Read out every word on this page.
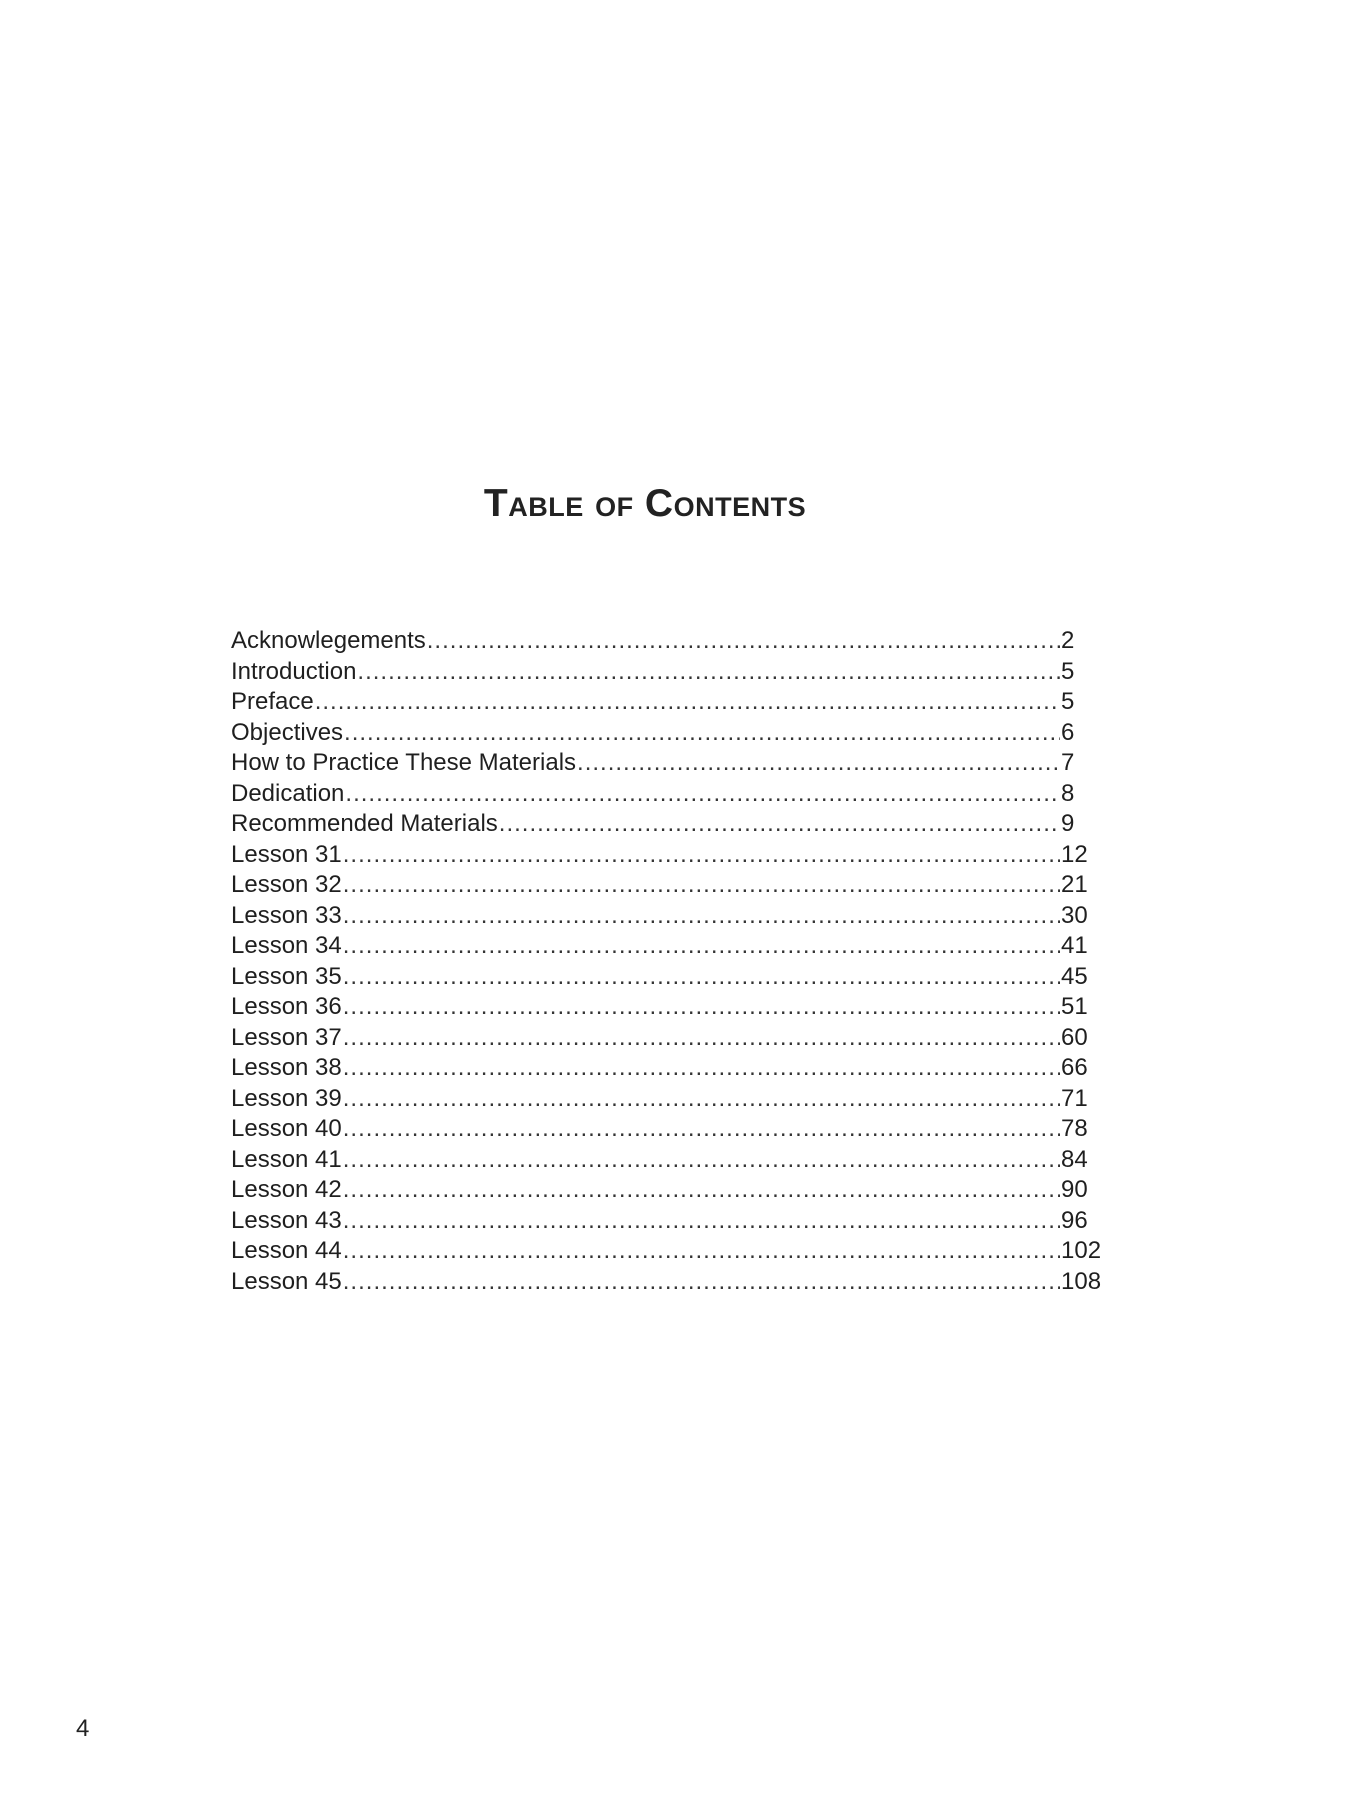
Table of Contents
Acknowlegements .....	2
Introduction .....	5
Preface .....	5
Objectives .....	6
How to Practice These Materials .....	7
Dedication .....	8
Recommended Materials .....	9
Lesson 31 .....	12
Lesson 32 .....	21
Lesson 33 .....	30
Lesson 34 .....	41
Lesson 35 .....	45
Lesson 36 .....	51
Lesson 37 .....	60
Lesson 38 .....	66
Lesson 39 .....	71
Lesson 40 .....	78
Lesson 41 .....	84
Lesson 42 .....	90
Lesson 43 .....	96
Lesson 44 .....	102
Lesson 45 .....	108
4
